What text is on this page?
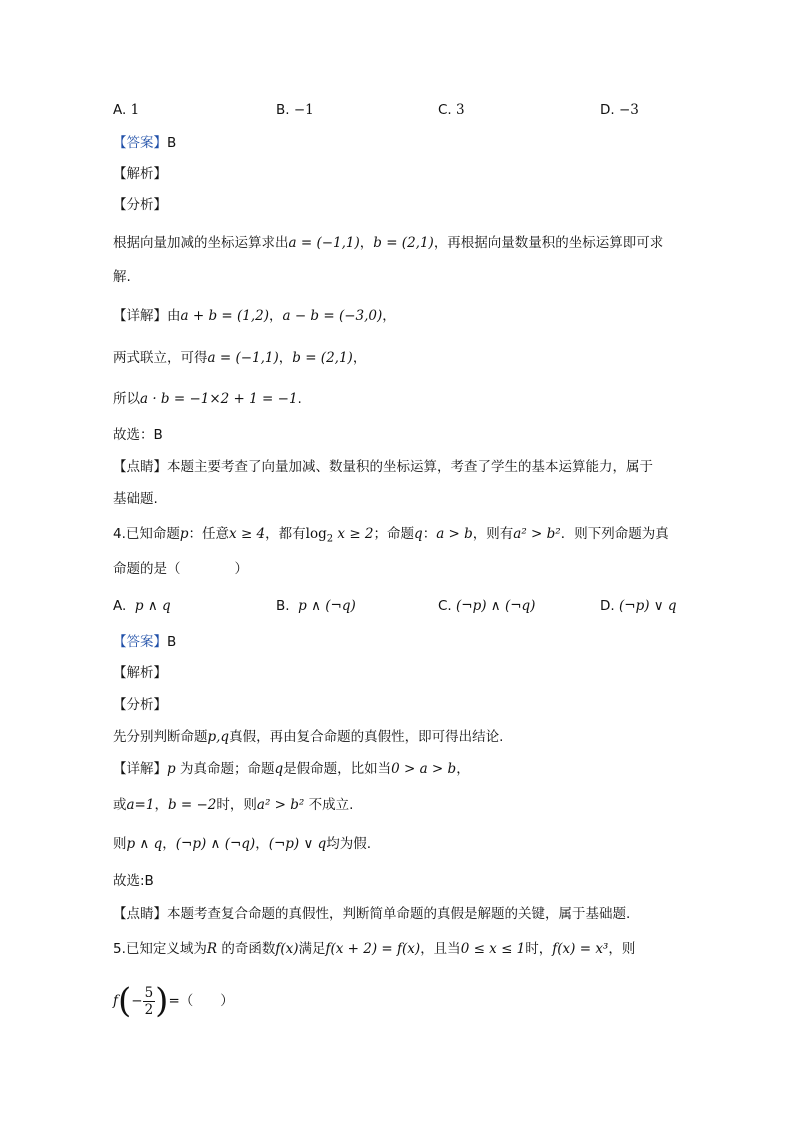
A. 1	B. −1	C. 3	D. −3
【答案】B
【解析】
【分析】
根据向量加减的坐标运算求出a = (−1,1)，b = (2,1)，再根据向量数量积的坐标运算即可求
解.
【详解】由a + b = (1,2)，a − b = (−3,0)，
两式联立，可得a = (−1,1)，b = (2,1)，
所以a · b = −1×2 + 1 = −1.
故选：B
【点睛】本题主要考查了向量加减、数量积的坐标运算，考查了学生的基本运算能力，属于
基础题.
4.已知命题p：任意x ≥ 4，都有$\log_2 x \ge 2$；命题q：a > b，则有a² > b²．则下列命题为真
命题的是（　　　　）
A. p ∧ q	B. p ∧ (¬q)	C. (¬p) ∧ (¬q)	D. (¬p) ∨ q
【答案】B
【解析】
【分析】
先分别判断命题p,q真假，再由复合命题的真假性，即可得出结论.
【详解】p 为真命题；命题q是假命题，比如当0 > a > b，
或a=1，b = −2时，则a² > b² 不成立.
则p ∧ q，(¬p) ∧ (¬q)，(¬p) ∨ q均为假.
故选:B
【点睛】本题考查复合命题的真假性，判断简单命题的真假是解题的关键，属于基础题.
5.已知定义域为R 的奇函数f(x)满足f(x + 2) = f(x)，且当0 ≤ x ≤ 1时，f(x) = x³，则
$f(- \frac{5}{2}$ )=（　　）
